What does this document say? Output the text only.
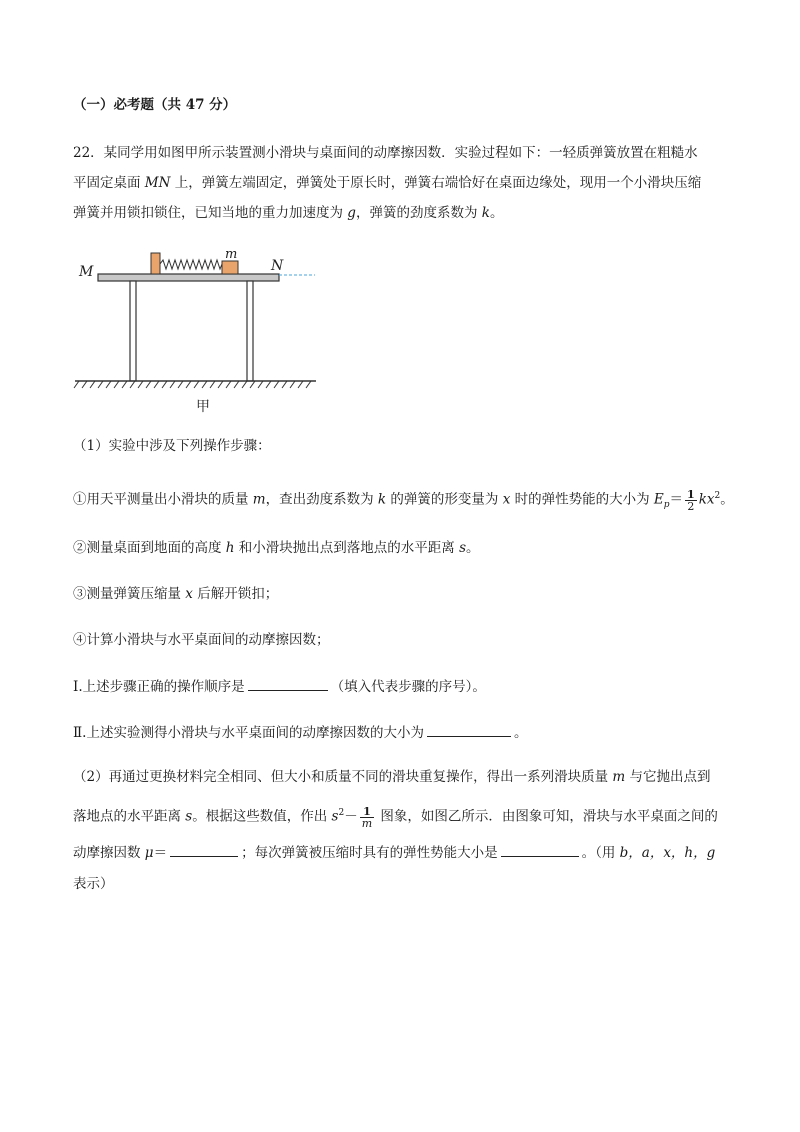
（一）必考题（共 47 分）
22．某同学用如图甲所示装置测小滑块与桌面间的动摩擦因数．实验过程如下：一轻质弹簧放置在粗糙水
平固定桌面 MN 上，弹簧左端固定，弹簧处于原长时，弹簧右端恰好在桌面边缘处，现用一个小滑块压缩
弹簧并用锁扣锁住，已知当地的重力加速度为 g，弹簧的劲度系数为 k。
M	N
m
甲
（1）实验中涉及下列操作步骤：
①用天平测量出小滑块的质量 m，查出劲度系数为 k 的弹簧的形变量为 x 时的弹性势能的大小为 $E_p= \frac{1}{2} kx^2$。
②测量桌面到地面的高度 h 和小滑块抛出点到落地点的水平距离 s。
③测量弹簧压缩量 x 后解开锁扣；
④计算小滑块与水平桌面间的动摩擦因数；
Ⅰ.上述步骤正确的操作顺序是	（填入代表步骤的序号）。
Ⅱ.上述实验测得小滑块与水平桌面间的动摩擦因数的大小为	。
（2）再通过更换材料完全相同、但大小和质量不同的滑块重复操作，得出一系列滑块质量 m 与它抛出点到
落地点的水平距离 s。根据这些数值，作出 $s^2- \frac{1}{m}$ 图象，如图乙所示．由图象可知，滑块与水平桌面之间的
动摩擦因数 μ＝	；每次弹簧被压缩时具有的弹性势能大小是	。（用 b，a，x，h，g
表示）
